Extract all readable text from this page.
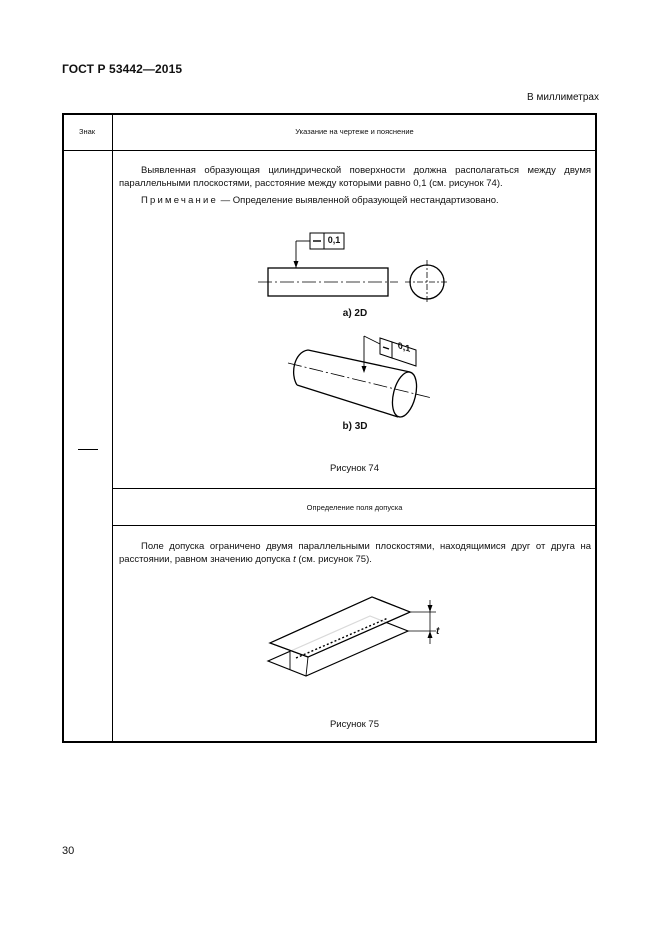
ГОСТ Р 53442—2015
В миллиметрах
Знак	Указание на чертеже и пояснение
Выявленная образующая цилиндрической поверхности должна располагаться между двумя параллельными плоскостями, расстояние между которыми равно 0,1 (см. рисунок 74).
Примечание — Определение выявленной образующей нестандартизовано.
0,1
a) 2D
0,1
b) 3D
Рисунок 74
Определение поля допуска
Поле допуска ограничено двумя параллельными плоскостями, находящимися друг от друга на расстоянии, равном значению допуска t (см. рисунок 75).
t
Рисунок 75
30
